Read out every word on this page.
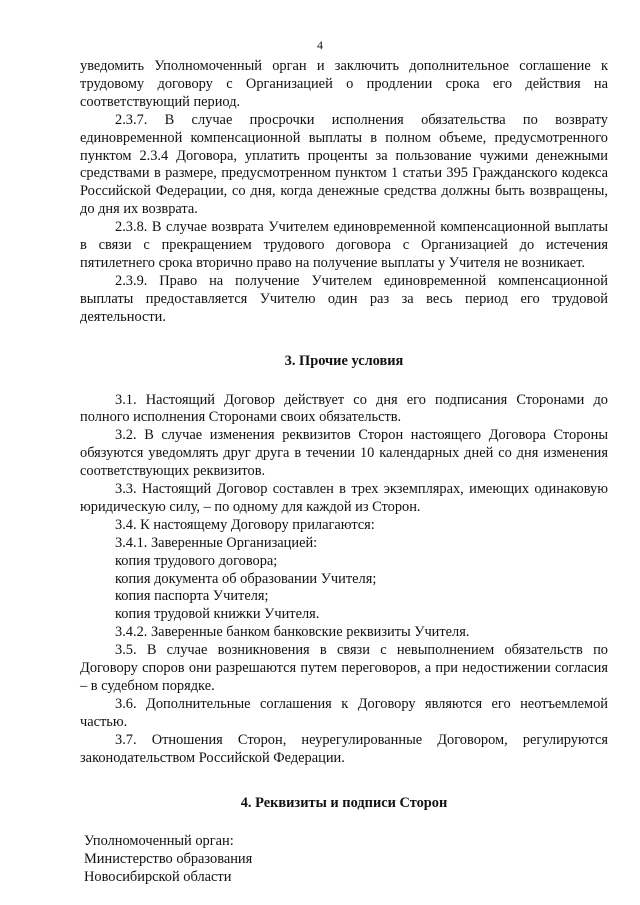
4

уведомить Уполномоченный орган и заключить дополнительное соглашение к трудовому договору с Организацией о продлении срока его действия на соответствующий период.

2.3.7. В случае просрочки исполнения обязательства по возврату единовременной компенсационной выплаты в полном объеме, предусмотренного пунктом 2.3.4 Договора, уплатить проценты за пользование чужими денежными средствами в размере, предусмотренном пунктом 1 статьи 395 Гражданского кодекса Российской Федерации, со дня, когда денежные средства должны быть возвращены, до дня их возврата.

2.3.8. В случае возврата Учителем единовременной компенсационной выплаты в связи с прекращением трудового договора с Организацией до истечения пятилетнего срока вторично право на получение выплаты у Учителя не возникает.

2.3.9. Право на получение Учителем единовременной компенсационной выплаты предоставляется Учителю один раз за весь период его трудовой деятельности.

3. Прочие условия

3.1. Настоящий Договор действует со дня его подписания Сторонами до полного исполнения Сторонами своих обязательств.

3.2. В случае изменения реквизитов Сторон настоящего Договора Стороны обязуются уведомлять друг друга в течении 10 календарных дней со дня изменения соответствующих реквизитов.

3.3. Настоящий Договор составлен в трех экземплярах, имеющих одинаковую юридическую силу, – по одному для каждой из Сторон.

3.4. К настоящему Договору прилагаются:

3.4.1. Заверенные Организацией:

копия трудового договора;

копия документа об образовании Учителя;

копия паспорта Учителя;

копия трудовой книжки Учителя.

3.4.2. Заверенные банком банковские реквизиты Учителя.

3.5. В случае возникновения в связи с невыполнением обязательств по Договору споров они разрешаются путем переговоров, а при недостижении согласия – в судебном порядке.

3.6. Дополнительные соглашения к Договору являются его неотъемлемой частью.

3.7. Отношения Сторон, неурегулированные Договором, регулируются законодательством Российской Федерации.

4. Реквизиты и подписи Сторон

Уполномоченный орган:

Министерство образования

Новосибирской области
